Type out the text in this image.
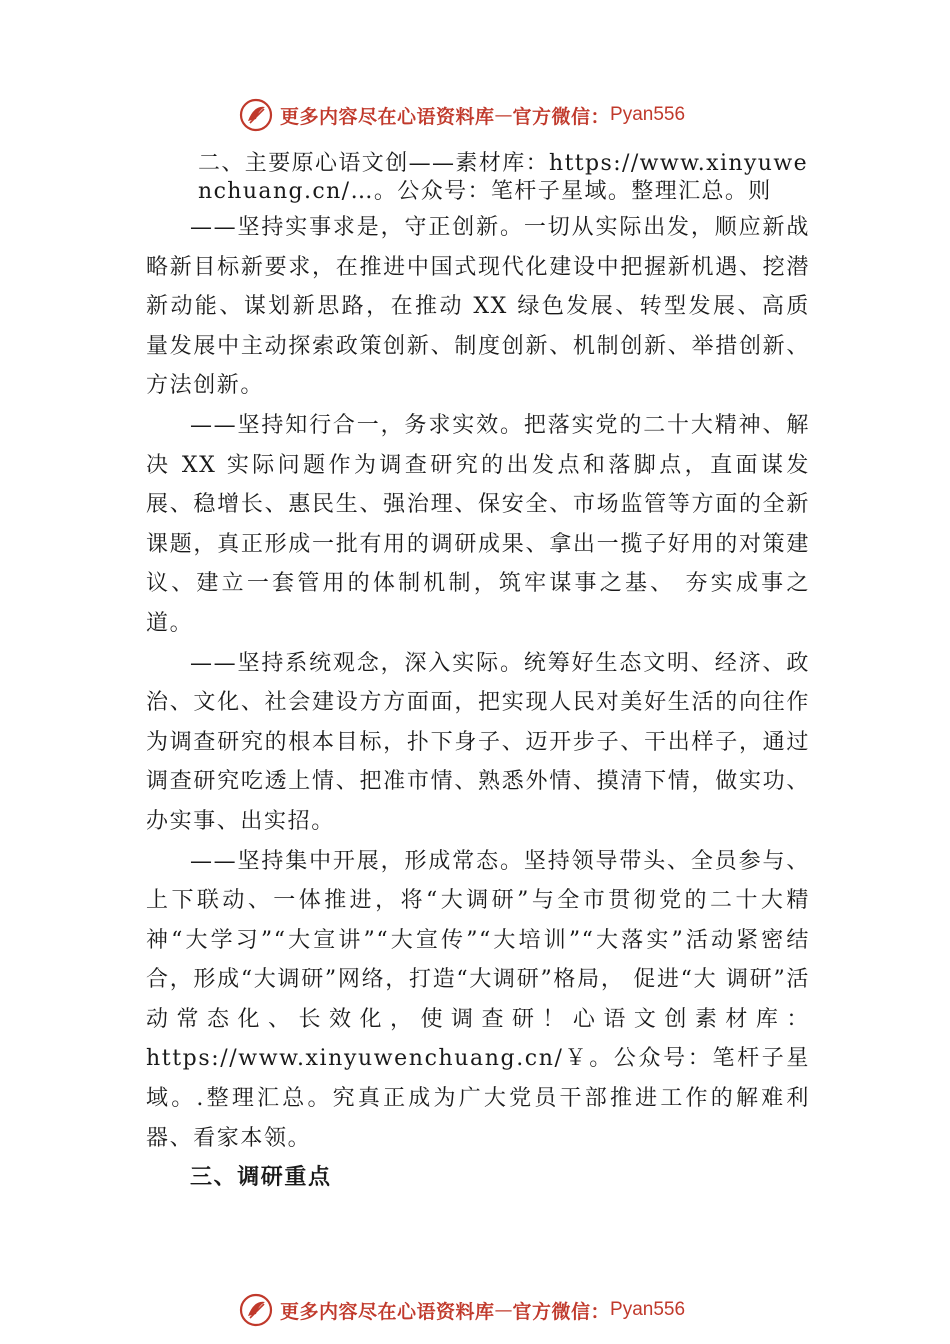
更多内容尽在心语资料库 — 官方微信： Pyan556

二、主要原心语文创——素材库：https://www.xinyuwenchuang.cn/…。公众号：笔杆子星域。整理汇总。则

——坚持实事求是，守正创新。一切从实际出发，顺应新战略新目标新要求，在推进中国式现代化建设中把握新机遇、挖潜新动能、谋划新思路，在推动 XX 绿色发展、转型发展、高质量发展中主动探索政策创新、制度创新、机制创新、举措创新、 方法创新。

——坚持知行合一，务求实效。把落实党的二十大精神、解决 XX 实际问题作为调查研究的出发点和落脚点，直面谋发展、稳增长、惠民生、强治理、保安全、市场监管等方面的全新课题，真正形成一批有用的调研成果、拿出一揽子好用的对策建议、建立一套管用的体制机制，筑牢谋事之基、 夯实成事之道。

——坚持系统观念，深入实际。统筹好生态文明、经济、政治、文化、社会建设方方面面，把实现人民对美好生活的向往作为调查研究的根本目标，扑下身子、迈开步子、干出样子，通过调查研究吃透上情、把准市情、熟悉外情、摸清下情，做实功、办实事、出实招。

——坚持集中开展，形成常态。坚持领导带头、全员参与、上下联动、一体推进，将“大调研”与全市贯彻党的二十大精神“大学习”“大宣讲”“大宣传”“大培训”“大落实”活动紧密结合，形成“大调研”网络，打造“大调研”格局， 促进“大 调研”活动常态化、长效化，使调查研！心语文创素材库：https://www.xinyuwenchuang.cn/￥。公众号：笔杆子星域。.整理汇总。究真正成为广大党员干部推进工作的解难利器、看家本领。

三、调研重点

更多内容尽在心语资料库 — 官方微信： Pyan556
